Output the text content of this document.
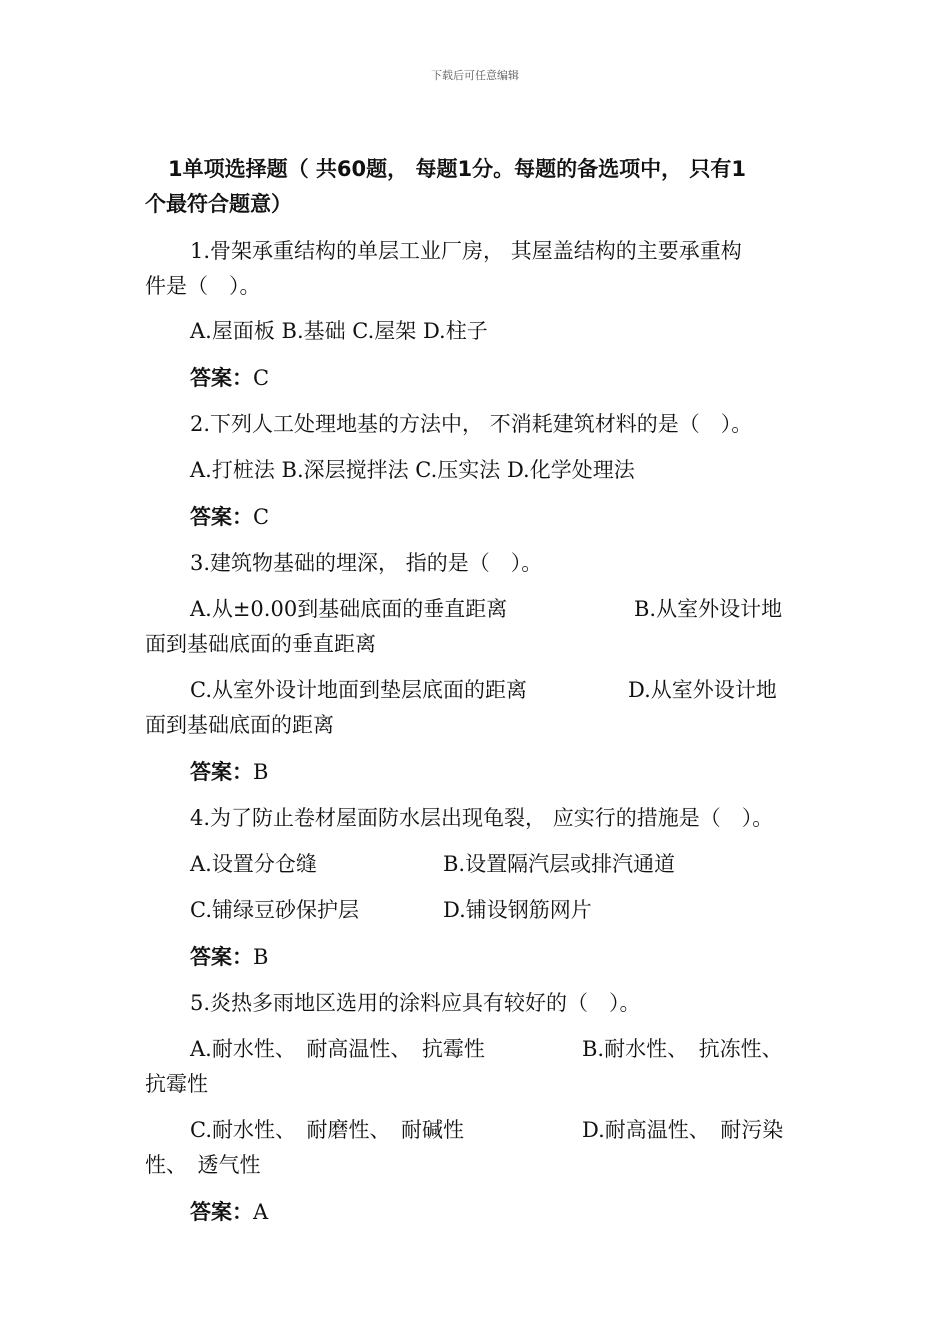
下载后可任意编辑
1单项选择题（ 共60题， 每题1分。每题的备选项中， 只有1
个最符合题意）
1.骨架承重结构的单层工业厂房， 其屋盖结构的主要承重构
件是（　）。
A.屋面板 B.基础 C.屋架 D.柱子
答案：C
2.下列人工处理地基的方法中， 不消耗建筑材料的是（　）。
A.打桩法 B.深层搅拌法 C.压实法 D.化学处理法
答案：C
3.建筑物基础的埋深， 指的是（　）。
A.从±0.00到基础底面的垂直距离	B.从室外设计地
面到基础底面的垂直距离
C.从室外设计地面到垫层底面的距离	D.从室外设计地
面到基础底面的距离
答案：B
4.为了防止卷材屋面防水层出现龟裂， 应实行的措施是（　）。
A.设置分仓缝	B.设置隔汽层或排汽通道
C.铺绿豆砂保护层	D.铺设钢筋网片
答案：B
5.炎热多雨地区选用的涂料应具有较好的（　）。
A.耐水性、　耐高温性、　抗霉性	B.耐水性、　抗冻性、
抗霉性
C.耐水性、　耐磨性、　耐碱性	D.耐高温性、　耐污染
性、　透气性
答案：A
